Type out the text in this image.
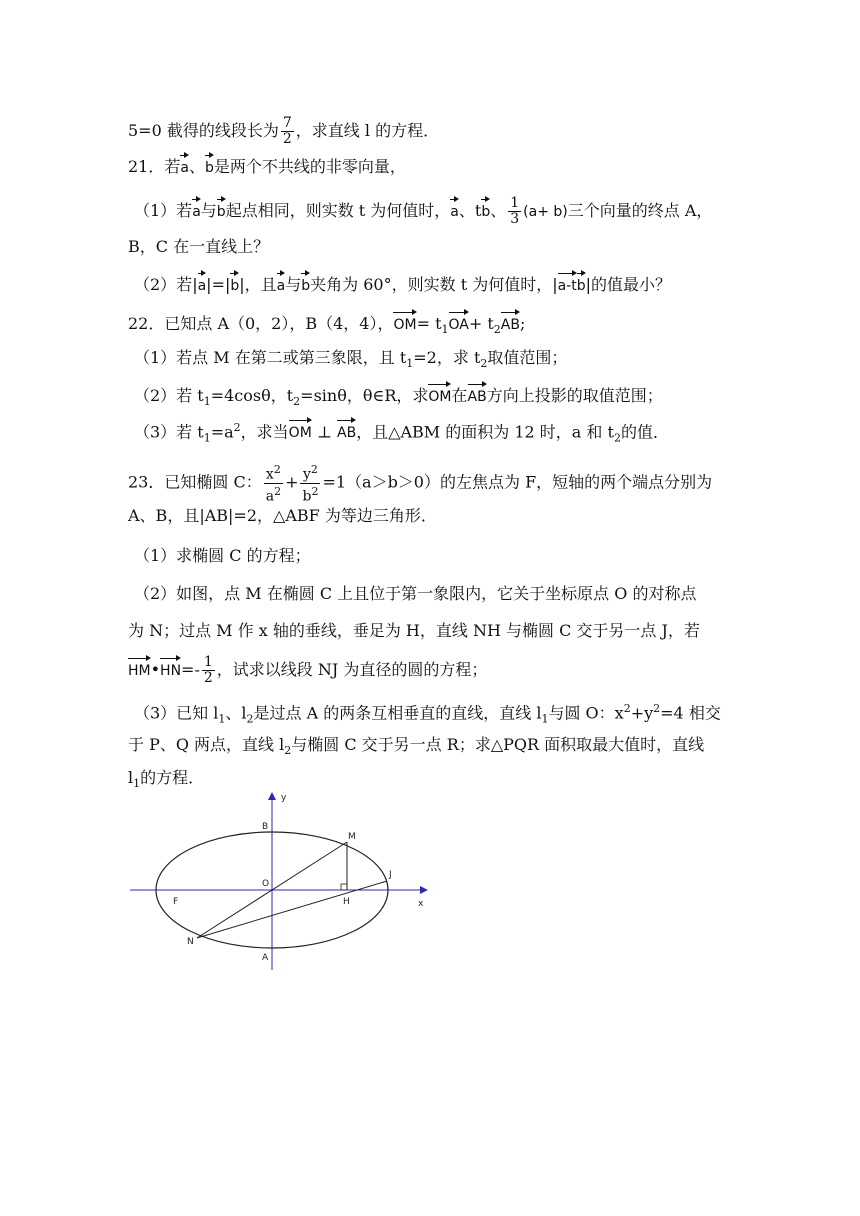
5=0 截得的线段长为 $\frac{7}{2}$ ，求直线 l 的方程．
21．若a、b是两个不共线的非零向量，
（1）若a与b起点相同，则实数 t 为何值时，a、tb、 $\frac{1}{3} (a+ b)$三个向量的终点 A，
B，C 在一直线上？
（2）若|a|=|b|，且a与b夹角为 60°，则实数 t 为何值时，|a-tb|的值最小？
22．已知点 A（0，2），B（4，4），$OM= t_1OA+ t_2AB$;
（1）若点 M 在第二或第三象限，且 $t_1=2$，求 $t_2$取值范围；
（2）若 $t_1=4\cos\theta$，$t_2=\sin\theta$，θ∈R，求OM在AB方向上投影的取值范围；
（3）若 $t_1=a^2$，求当OM ⊥ AB，且△ABM 的面积为 12 时，a 和 $t_2$的值．
23．已知椭圆 C： $\frac{x^2}{a^2} + \frac{y^2}{b^2} =1(a>b>0)$的左焦点为 F，短轴的两个端点分别为
A、B，且|AB|=2，△ABF 为等边三角形．
（1）求椭圆 C 的方程；
（2）如图，点 M 在椭圆 C 上且位于第一象限内，它关于坐标原点 O 的对称点
为 N；过点 M 作 x 轴的垂线，垂足为 H，直线 NH 与椭圆 C 交于另一点 J，若
HM•HN=- $\frac{1}{2}$ ，试求以线段 NJ 为直径的圆的方程；
（3）已知 $l_1$、$l_2$是过点 A 的两条互相垂直的直线，直线 $l_1$与圆 O：$x^2+y^2=4$ 相交
于 P、Q 两点，直线 $l_2$与椭圆 C 交于另一点 R；求△PQR 面积取最大值时，直线
$l_1$的方程．
y
x
B
M
J
O
F	H
N
A
